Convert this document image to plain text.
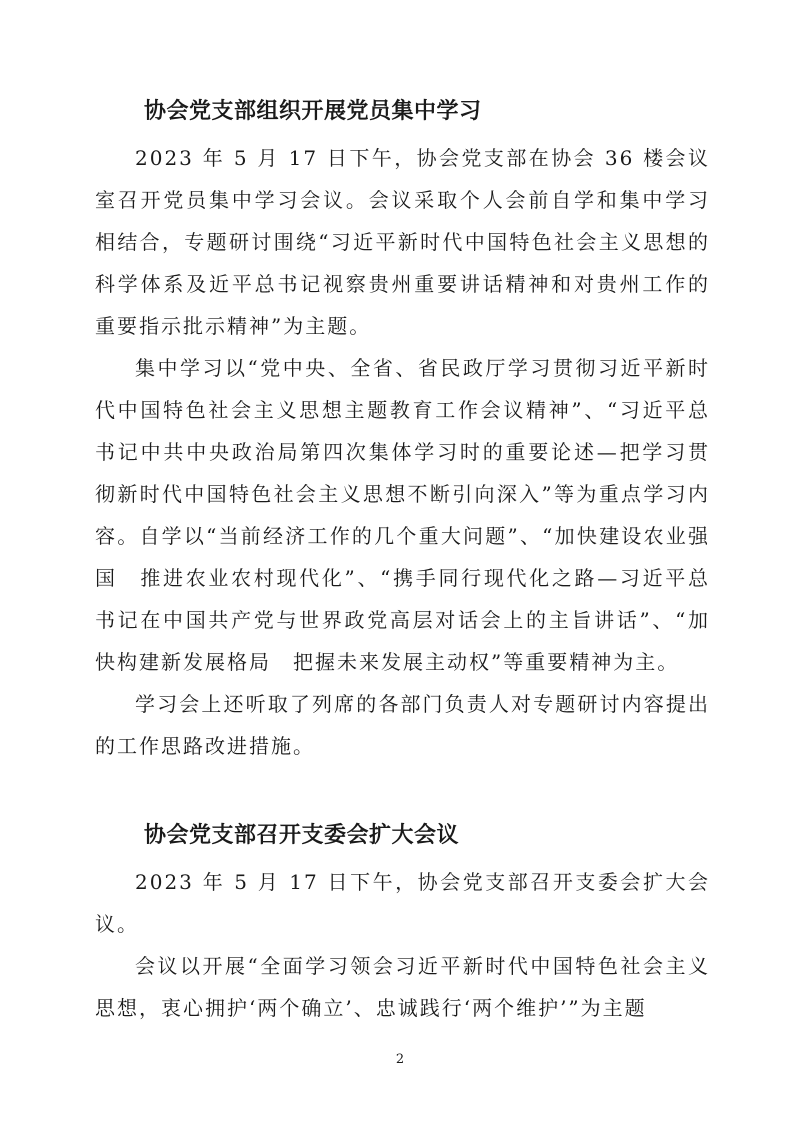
协会党支部组织开展党员集中学习

2023 年 5 月 17 日下午，协会党支部在协会 36 楼会议室召开党员集中学习会议。会议采取个人会前自学和集中学习相结合，专题研讨围绕“习近平新时代中国特色社会主义思想的科学体系及近平总书记视察贵州重要讲话精神和对贵州工作的重要指示批示精神”为主题。

集中学习以“党中央、全省、省民政厅学习贯彻习近平新时代中国特色社会主义思想主题教育工作会议精神”、“习近平总书记中共中央政治局第四次集体学习时的重要论述—把学习贯彻新时代中国特色社会主义思想不断引向深入”等为重点学习内容。自学以“当前经济工作的几个重大问题”、“加快建设农业强国　推进农业农村现代化”、“携手同行现代化之路—习近平总书记在中国共产党与世界政党高层对话会上的主旨讲话”、“加快构建新发展格局　把握未来发展主动权”等重要精神为主。

学习会上还听取了列席的各部门负责人对专题研讨内容提出的工作思路改进措施。

协会党支部召开支委会扩大会议

2023 年 5 月 17 日下午，协会党支部召开支委会扩大会议。

会议以开展“全面学习领会习近平新时代中国特色社会主义思想，衷心拥护‘两个确立’、忠诚践行‘两个维护’”为主题

2
